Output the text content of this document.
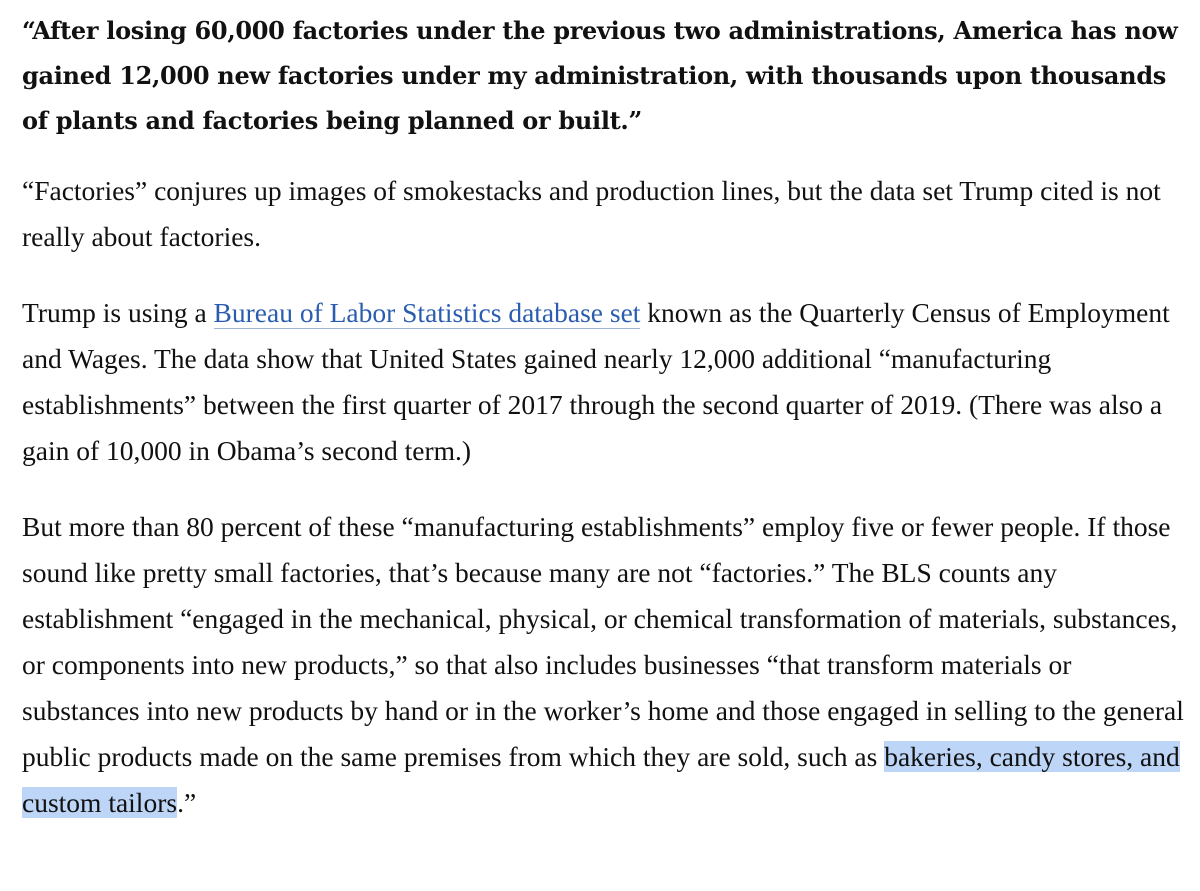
“After losing 60,000 factories under the previous two administrations, America has now gained 12,000 new factories under my administration, with thousands upon thousands of plants and factories being planned or built.”

“Factories” conjures up images of smokestacks and production lines, but the data set Trump cited is not really about factories.

Trump is using a Bureau of Labor Statistics database set known as the Quarterly Census of Employment and Wages. The data show that United States gained nearly 12,000 additional “manufacturing establishments” between the first quarter of 2017 through the second quarter of 2019. (There was also a gain of 10,000 in Obama’s second term.)

But more than 80 percent of these “manufacturing establishments” employ five or fewer people. If those sound like pretty small factories, that’s because many are not “factories.” The BLS counts any establishment “engaged in the mechanical, physical, or chemical transformation of materials, substances, or components into new products,” so that also includes businesses “that transform materials or substances into new products by hand or in the worker’s home and those engaged in selling to the general public products made on the same premises from which they are sold, such as bakeries, candy stores, and custom tailors.”
